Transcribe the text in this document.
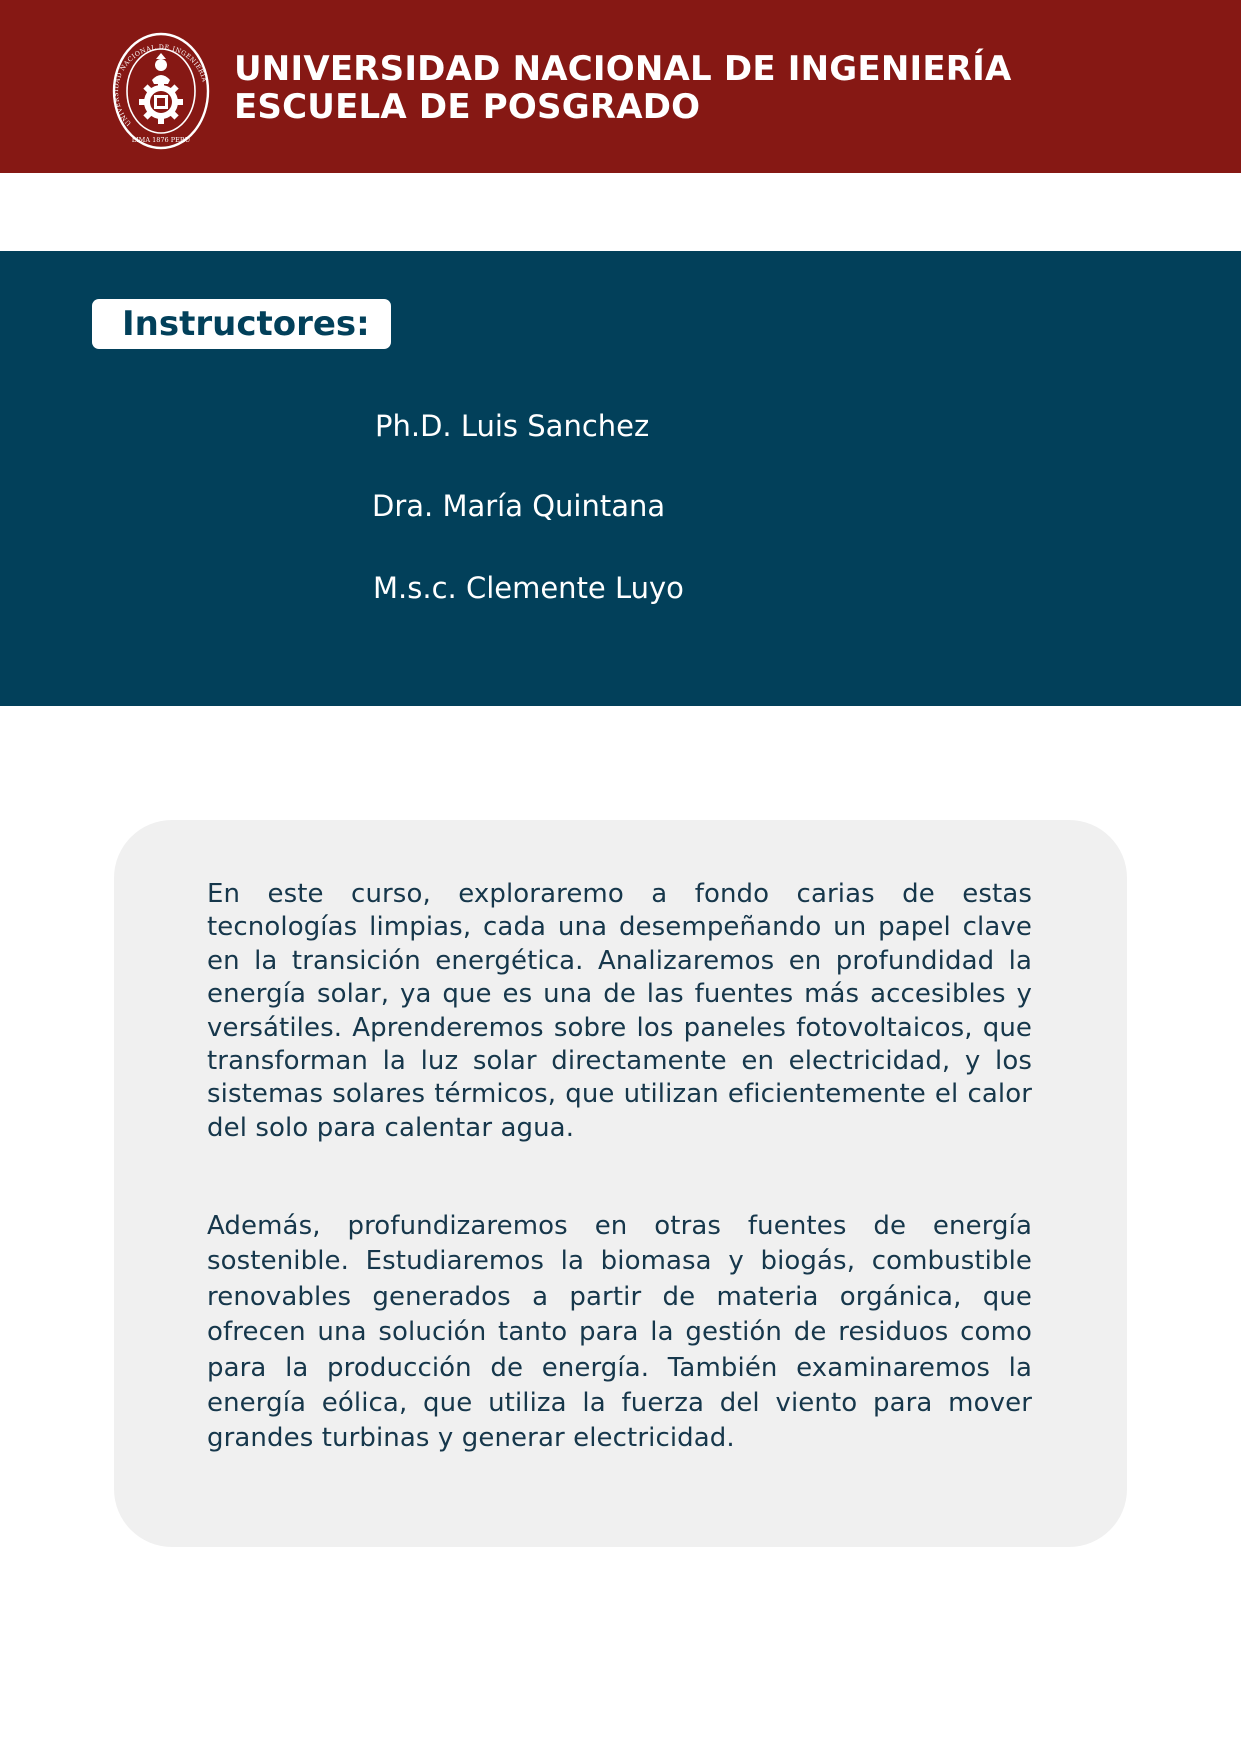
UNIVERSIDAD NACIONAL DE INGENIERIA
LIMA 1876 PERU
UNIVERSIDAD NACIONAL DE INGENIERÍA
ESCUELA DE POSGRADO
Instructores:
Ph.D. Luis Sanchez
Dra. María Quintana
M.s.c. Clemente Luyo

En este curso, exploraremo a fondo carias de estas tecnologías limpias, cada una desempeñando un papel clave en la transición energética. Analizaremos en profundidad la energía solar, ya que es una de las fuentes más accesibles y versátiles. Aprenderemos sobre los paneles fotovoltaicos, que transforman la luz solar directamente en electricidad, y los sistemas solares térmicos, que utilizan eficientemente el calor del solo para calentar agua.

Además, profundizaremos en otras fuentes de energía sostenible. Estudiaremos la biomasa y biogás, combustible renovables generados a partir de materia orgánica, que ofrecen una solución tanto para la gestión de residuos como para la producción de energía. También examinaremos la energía eólica, que utiliza la fuerza del viento para mover grandes turbinas y generar electricidad.
